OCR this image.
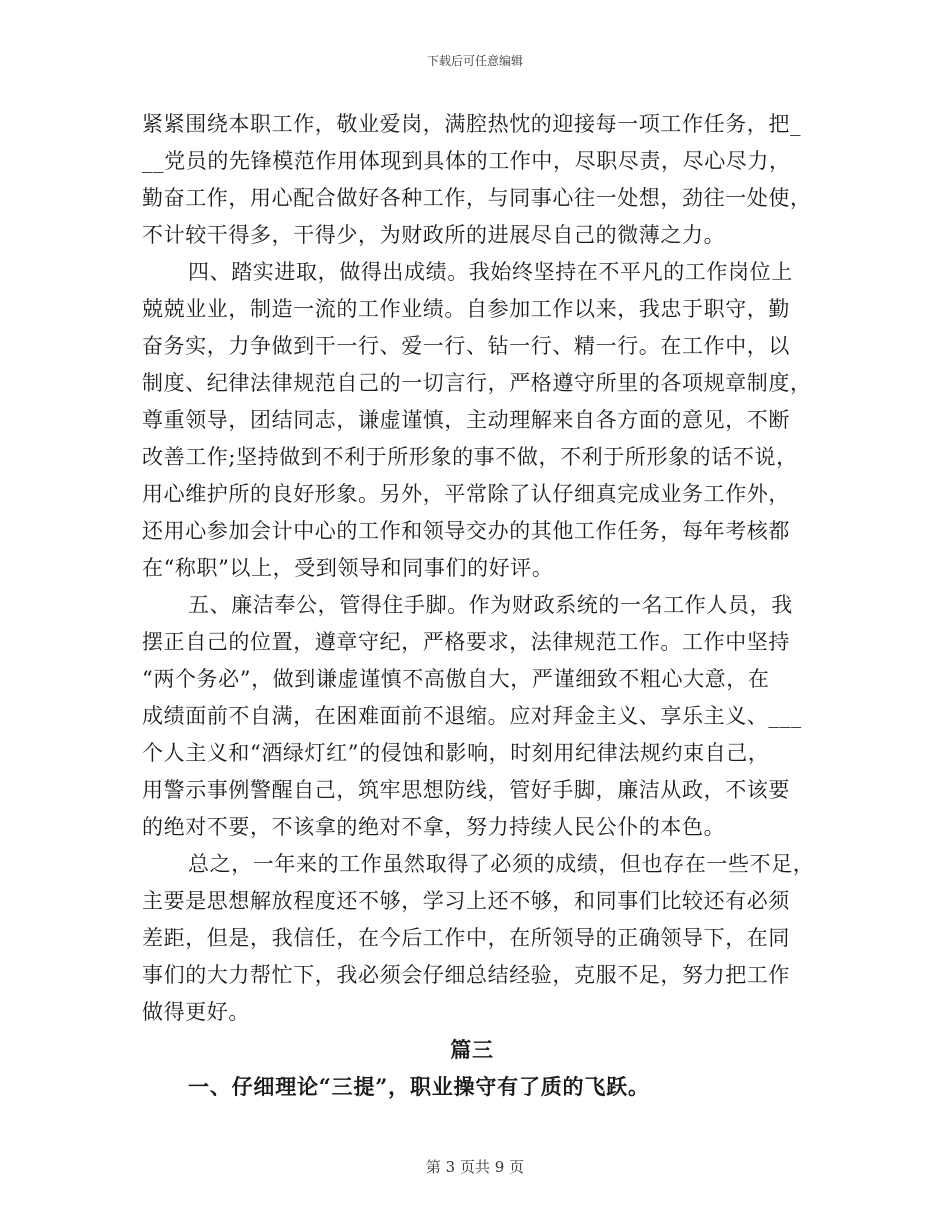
下载后可任意编辑
紧紧围绕本职工作，敬业爱岗，满腔热忱的迎接每一项工作任务，把_
__党员的先锋模范作用体现到具体的工作中，尽职尽责，尽心尽力，
勤奋工作，用心配合做好各种工作，与同事心往一处想，劲往一处使，
不计较干得多，干得少，为财政所的进展尽自己的微薄之力。
四、踏实进取，做得出成绩。我始终坚持在不平凡的工作岗位上
兢兢业业，制造一流的工作业绩。自参加工作以来，我忠于职守，勤
奋务实，力争做到干一行、爱一行、钻一行、精一行。在工作中，以
制度、纪律法律规范自己的一切言行，严格遵守所里的各项规章制度，
尊重领导，团结同志，谦虚谨慎，主动理解来自各方面的意见，不断
改善工作;坚持做到不利于所形象的事不做，不利于所形象的话不说，
用心维护所的良好形象。另外，平常除了认仔细真完成业务工作外，
还用心参加会计中心的工作和领导交办的其他工作任务，每年考核都
在“称职”以上，受到领导和同事们的好评。
五、廉洁奉公，管得住手脚。作为财政系统的一名工作人员，我
摆正自己的位置，遵章守纪，严格要求，法律规范工作。工作中坚持
“两个务必”，做到谦虚谨慎不高傲自大，严谨细致不粗心大意，在
成绩面前不自满，在困难面前不退缩。应对拜金主义、享乐主义、___
个人主义和“酒绿灯红”的侵蚀和影响，时刻用纪律法规约束自己，
用警示事例警醒自己，筑牢思想防线，管好手脚，廉洁从政，不该要
的绝对不要，不该拿的绝对不拿，努力持续人民公仆的本色。
总之，一年来的工作虽然取得了必须的成绩，但也存在一些不足，
主要是思想解放程度还不够，学习上还不够，和同事们比较还有必须
差距，但是，我信任，在今后工作中，在所领导的正确领导下，在同
事们的大力帮忙下，我必须会仔细总结经验，克服不足，努力把工作
做得更好。
篇三
一、仔细理论“三提”，职业操守有了质的飞跃。
第 3 页共 9 页
